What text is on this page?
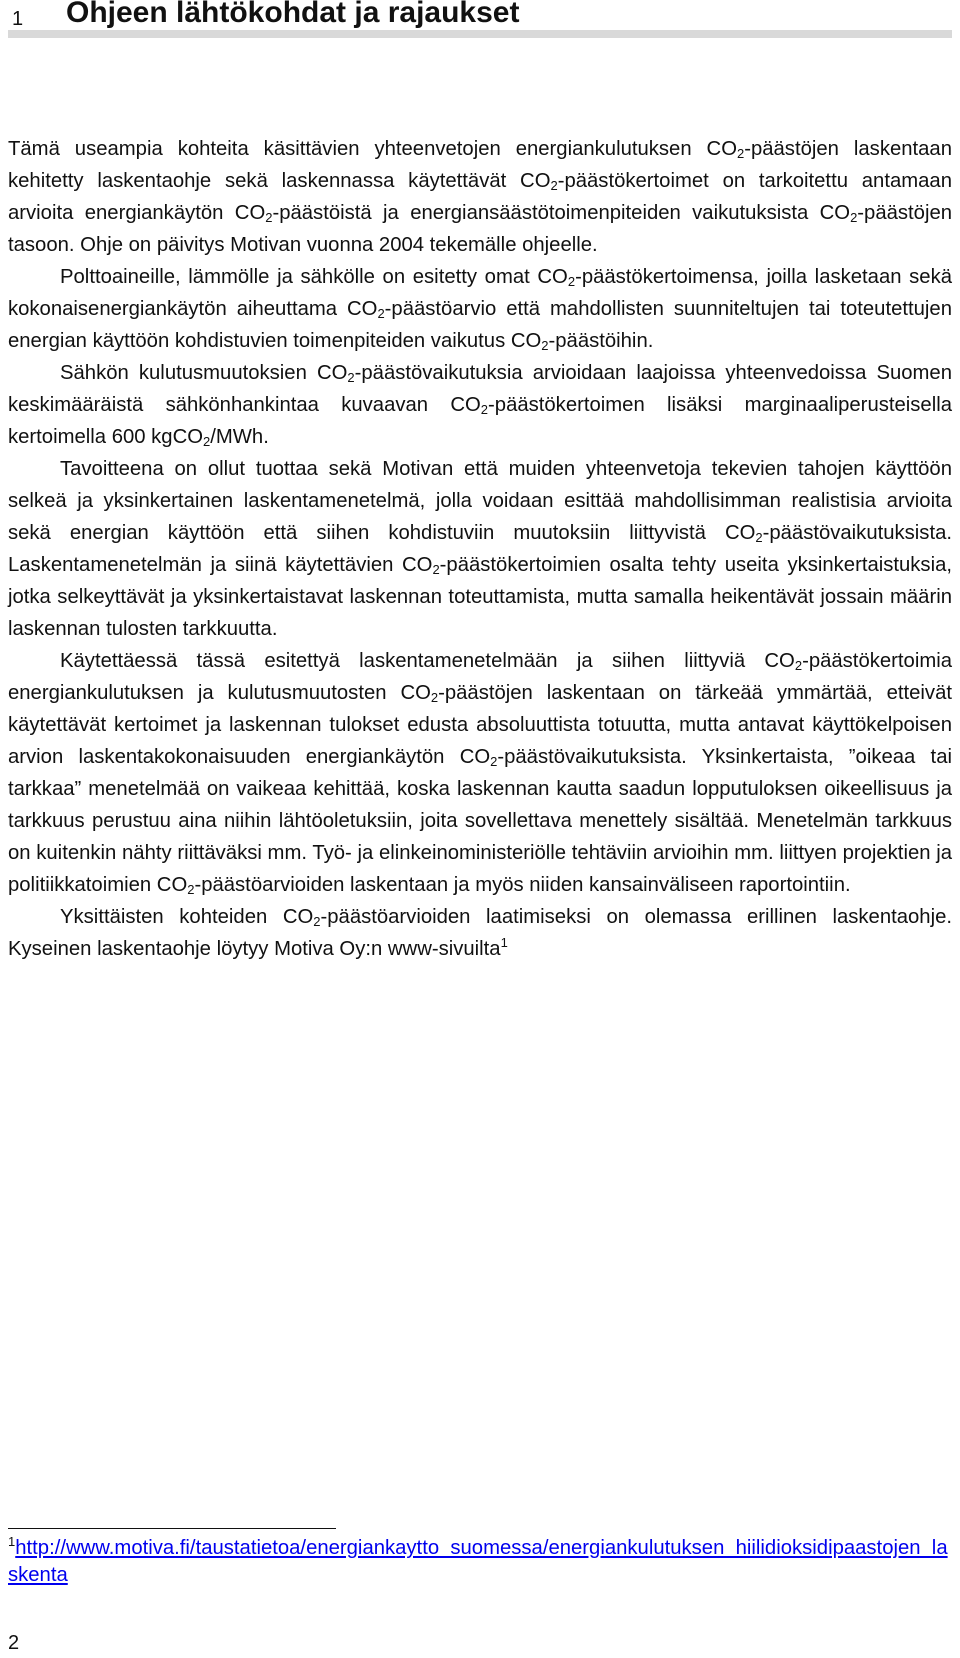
1 Ohjeen lähtökohdat ja rajaukset

Tämä useampia kohteita käsittävien yhteenvetojen energiankulutuksen $CO_2$-päästöjen laskentaan kehitetty laskentaohje sekä laskennassa käytettävät $CO_2$-päästökertoimet on tarkoitettu antamaan arvioita energiankäytön $CO_2$-päästöistä ja energiansäästötoimenpiteiden vaikutuksista $CO_2$-päästöjen tasoon. Ohje on päivitys Motivan vuonna 2004 tekemälle ohjeelle.

Polttoaineille, lämmölle ja sähkölle on esitetty omat $CO_2$-päästökertoimensa, joilla lasketaan sekä kokonaisenergiankäytön aiheuttama $CO_2$-päästöarvio että mahdollisten suunniteltujen tai toteutettujen energian käyttöön kohdistuvien toimenpiteiden vaikutus $CO_2$-päästöihin.

Sähkön kulutusmuutoksien $CO_2$-päästövaikutuksia arvioidaan laajoissa yhteenvedoissa Suomen keskimääräistä sähkönhankintaa kuvaavan $CO_2$-päästökertoimen lisäksi marginaaliperusteisella kertoimella 600 kgCO$_2$/MWh.

Tavoitteena on ollut tuottaa sekä Motivan että muiden yhteenvetoja tekevien tahojen käyttöön selkeä ja yksinkertainen laskentamenetelmä, jolla voidaan esittää mahdollisimman realistisia arvioita sekä energian käyttöön että siihen kohdistuviin muutoksiin liittyvistä $CO_2$-päästövaikutuksista. Laskentamenetelmän ja siinä käytettävien $CO_2$-päästökertoimien osalta tehty useita yksinkertaistuksia, jotka selkeyttävät ja yksinkertaistavat laskennan toteuttamista, mutta samalla heikentävät jossain määrin laskennan tulosten tarkkuutta.

Käytettäessä tässä esitettyä laskentamenetelmään ja siihen liittyviä $CO_2$-päästökertoimia energiankulutuksen ja kulutusmuutosten $CO_2$-päästöjen laskentaan on tärkeää ymmärtää, etteivät käytettävät kertoimet ja laskennan tulokset edusta absoluuttista totuutta, mutta antavat käyttökelpoisen arvion laskentakokonaisuuden energiankäytön $CO_2$-päästövaikutuksista. Yksinkertaista, ”oikeaa tai tarkkaa” menetelmää on vaikeaa kehittää, koska laskennan kautta saadun lopputuloksen oikeellisuus ja tarkkuus perustuu aina niihin lähtöoletuksiin, joita sovellettava menettely sisältää. Menetelmän tarkkuus on kuitenkin nähty riittäväksi mm. Työ- ja elinkeinoministeriölle tehtäviin arvioihin mm. liittyen projektien ja politiikkatoimien $CO_2$-päästöarvioiden laskentaan ja myös niiden kansainväliseen raportointiin.

Yksittäisten kohteiden $CO_2$-päästöarvioiden laatimiseksi on olemassa erillinen laskentaohje. Kyseinen laskentaohje löytyy Motiva Oy:n www-sivuilta$^1$

$^1$http://www.motiva.fi/taustatietoa/energiankaytto_suomessa/energiankulutuksen_hiilidioksidipaastojen_laskenta
2
